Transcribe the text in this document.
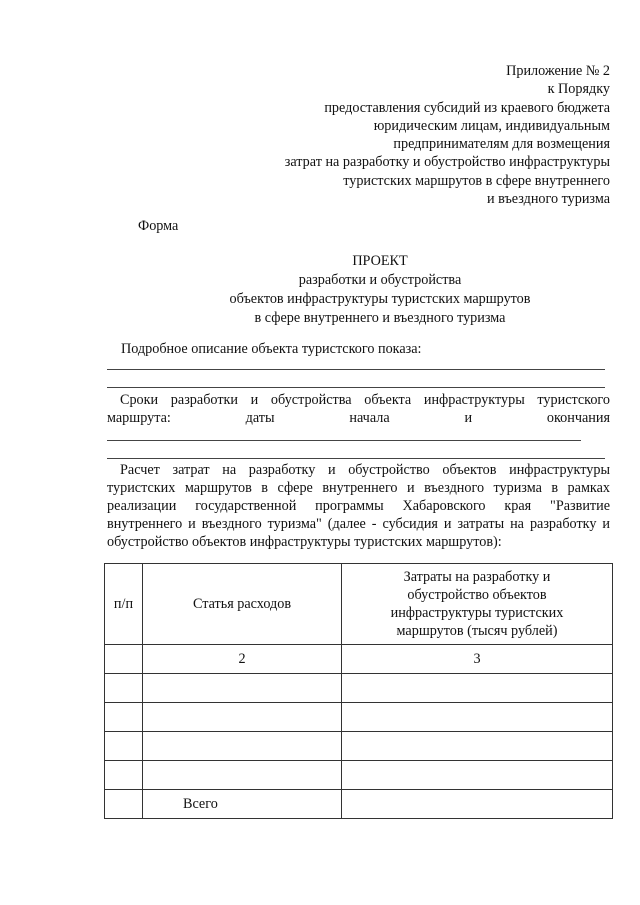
Приложение № 2
к Порядку
предоставления субсидий из краевого бюджета
юридическим лицам, индивидуальным
предпринимателям для возмещения
затрат на разработку и обустройство инфраструктуры
туристских маршрутов в сфере внутреннего
и въездного туризма
Форма
ПРОЕКТ
разработки и обустройства
объектов инфраструктуры туристских маршрутов
в сфере внутреннего и въездного туризма
Подробное описание объекта туристского показа:
Сроки разработки и обустройства объекта инфраструктуры туристского
маршрута:	даты	начала	и	окончания
Расчет затрат на разработку и обустройство объектов инфраструктуры туристских маршрутов в сфере внутреннего и въездного туризма в рамках реализации государственной программы Хабаровского края "Развитие внутреннего и въездного туризма" (далее - субсидия и затраты на разработку и обустройство объектов инфраструктуры туристских маршрутов):
п/п	Статья расходов	Затраты на разработку и обустройство объектов инфраструктуры туристских маршрутов (тысяч рублей)
	2	3

	Всего	
